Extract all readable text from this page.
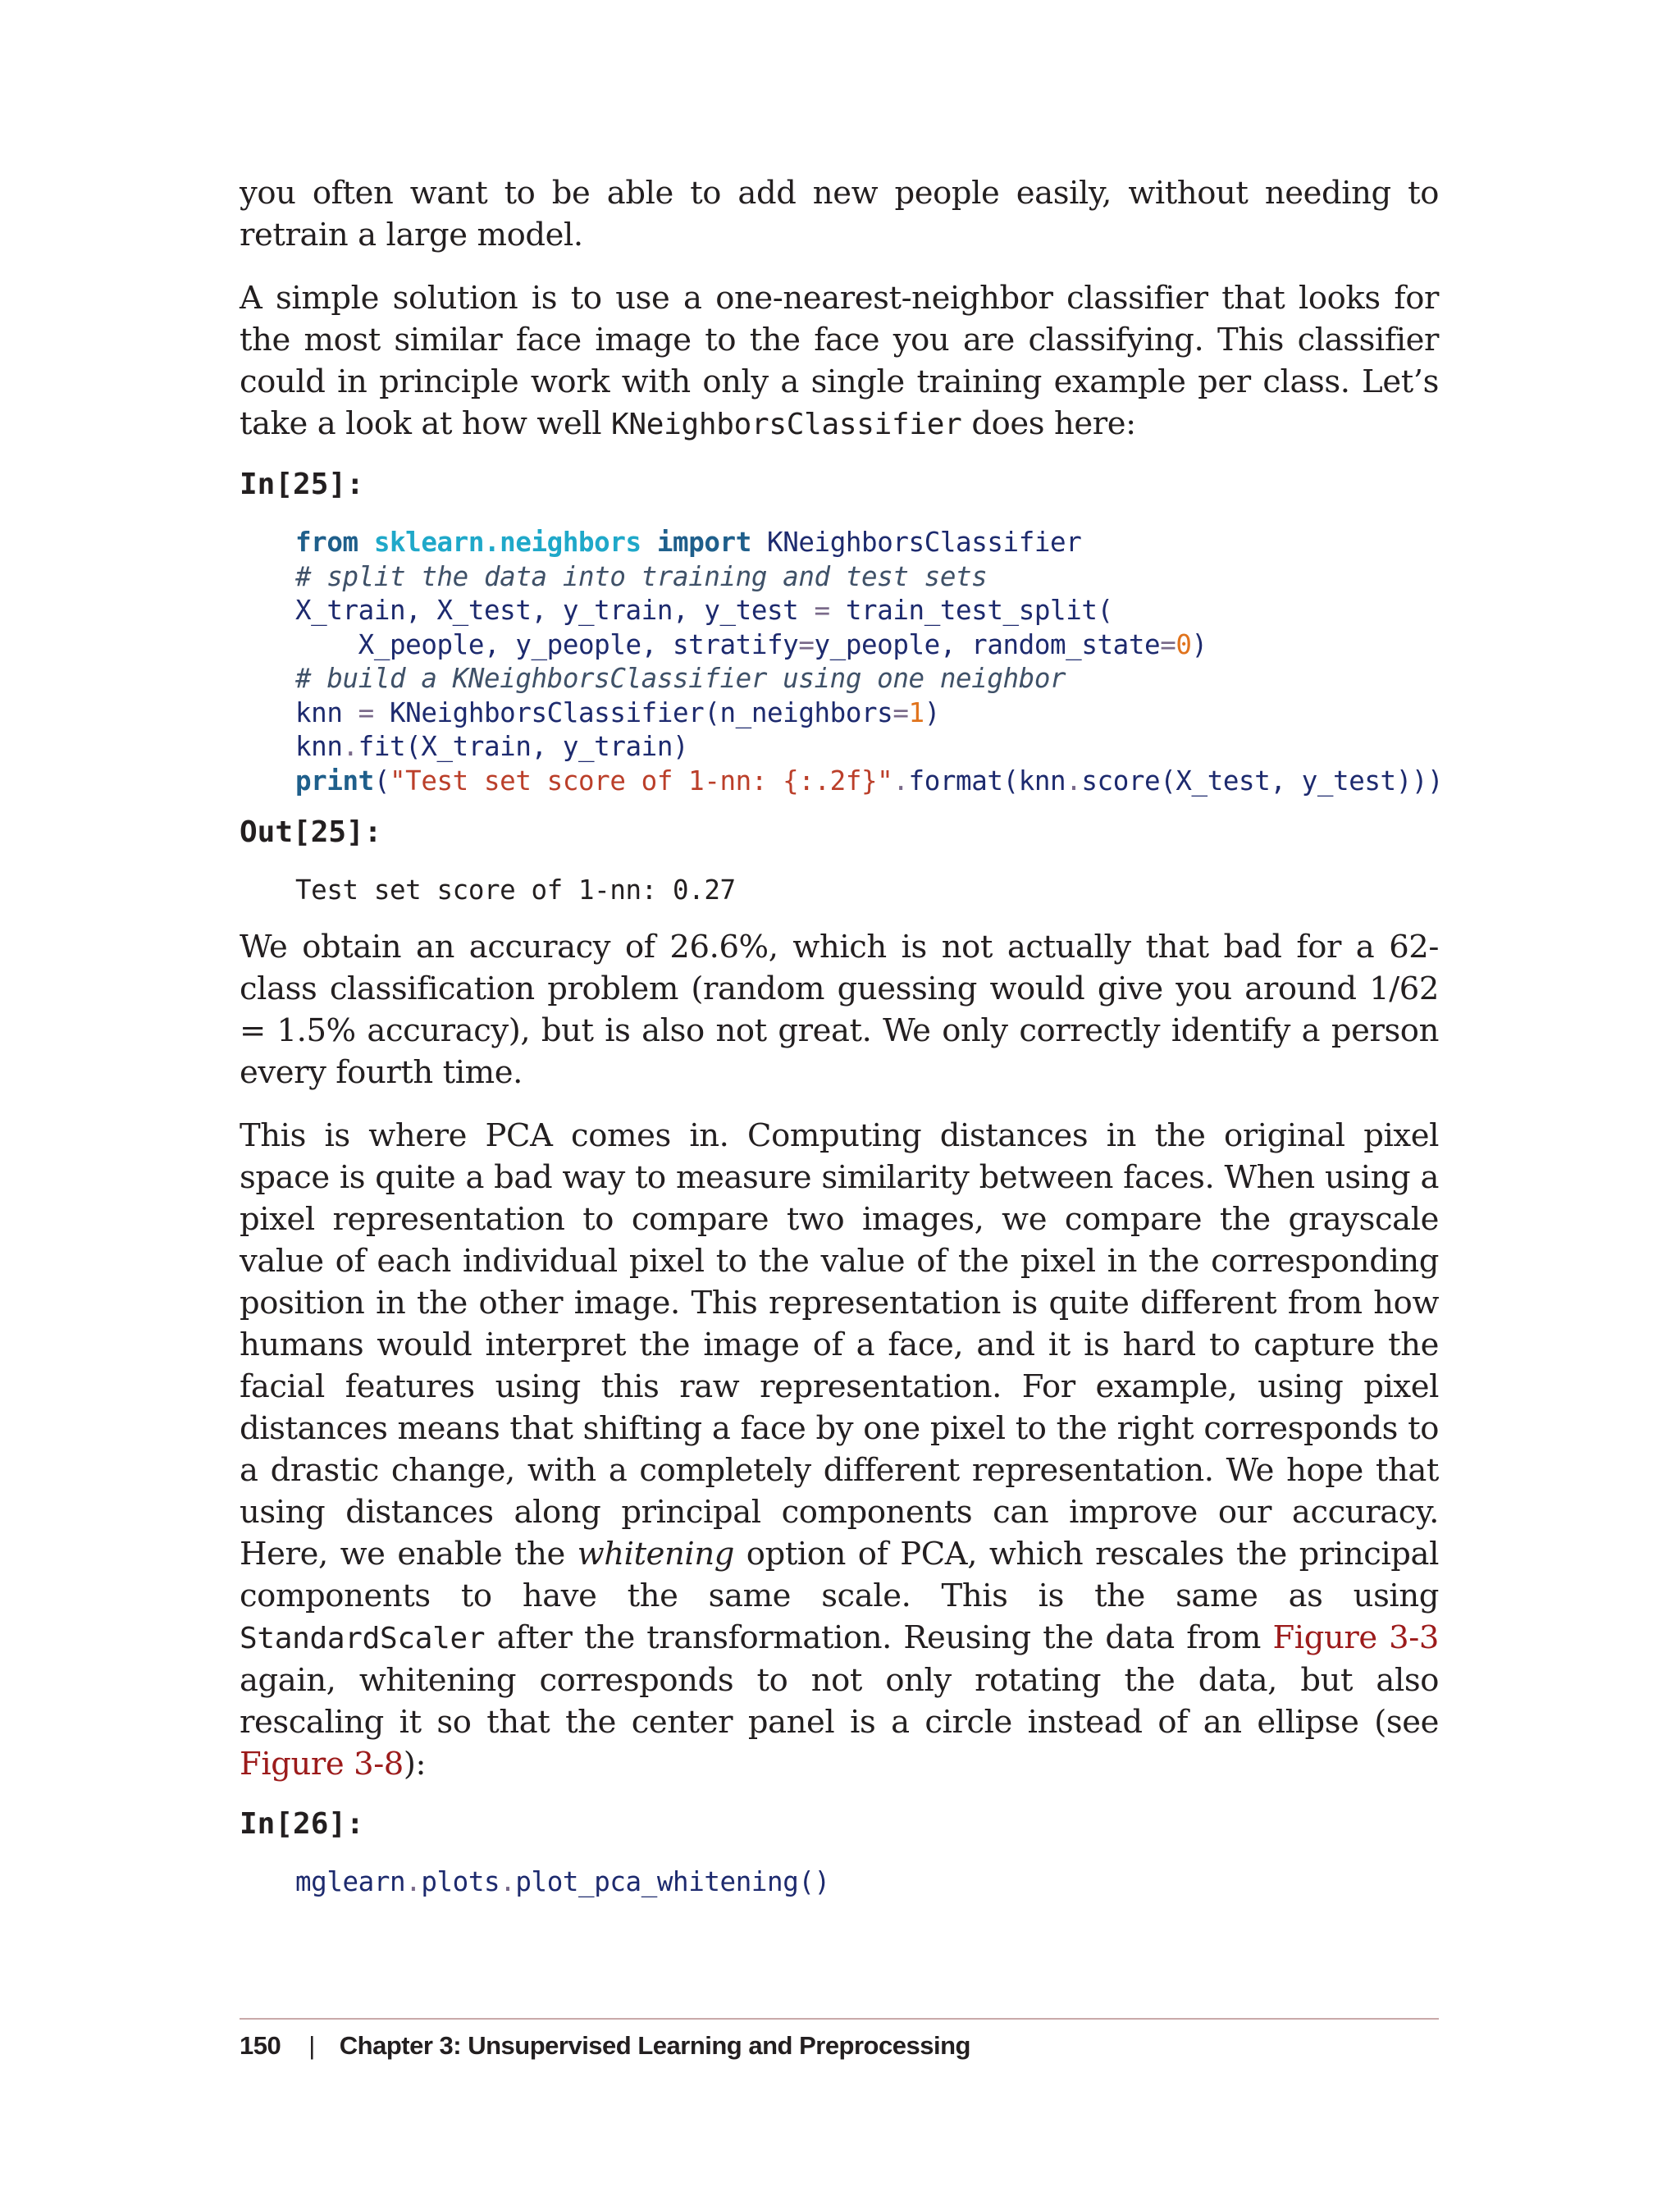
you often want to be able to add new people easily, without needing to retrain a large model.

A simple solution is to use a one-nearest-neighbor classifier that looks for the most similar face image to the face you are classifying. This classifier could in principle work with only a single training example per class. Let’s take a look at how well KNeighborsClassifier does here:

In[25]:
from sklearn.neighbors import KNeighborsClassifier
# split the data into training and test sets
X_train, X_test, y_train, y_test = train_test_split(
X_people, y_people, stratify=y_people, random_state=0)
# build a KNeighborsClassifier using one neighbor
knn = KNeighborsClassifier(n_neighbors=1)
knn.fit(X_train, y_train)
print("Test set score of 1-nn: {:.2f}".format(knn.score(X_test, y_test)))
Out[25]:
Test set score of 1-nn: 0.27

We obtain an accuracy of 26.6%, which is not actually that bad for a 62-class classification problem (random guessing would give you around 1/62 = 1.5% accuracy), but is also not great. We only correctly identify a person every fourth time.

This is where PCA comes in. Computing distances in the original pixel space is quite a bad way to measure similarity between faces. When using a pixel representation to compare two images, we compare the grayscale value of each individual pixel to the value of the pixel in the corresponding position in the other image. This representation is quite different from how humans would interpret the image of a face, and it is hard to capture the facial features using this raw representation. For example, using pixel distances means that shifting a face by one pixel to the right corresponds to a drastic change, with a completely different representation. We hope that using distances along principal components can improve our accuracy. Here, we enable the whitening option of PCA, which rescales the principal components to have the same scale. This is the same as using StandardScaler after the transformation. Reusing the data from Figure 3-3 again, whitening corresponds to not only rotating the data, but also rescaling it so that the center panel is a circle instead of an ellipse (see Figure 3-8):

In[26]:
mglearn.plots.plot_pca_whitening()
150 | Chapter 3: Unsupervised Learning and Preprocessing
